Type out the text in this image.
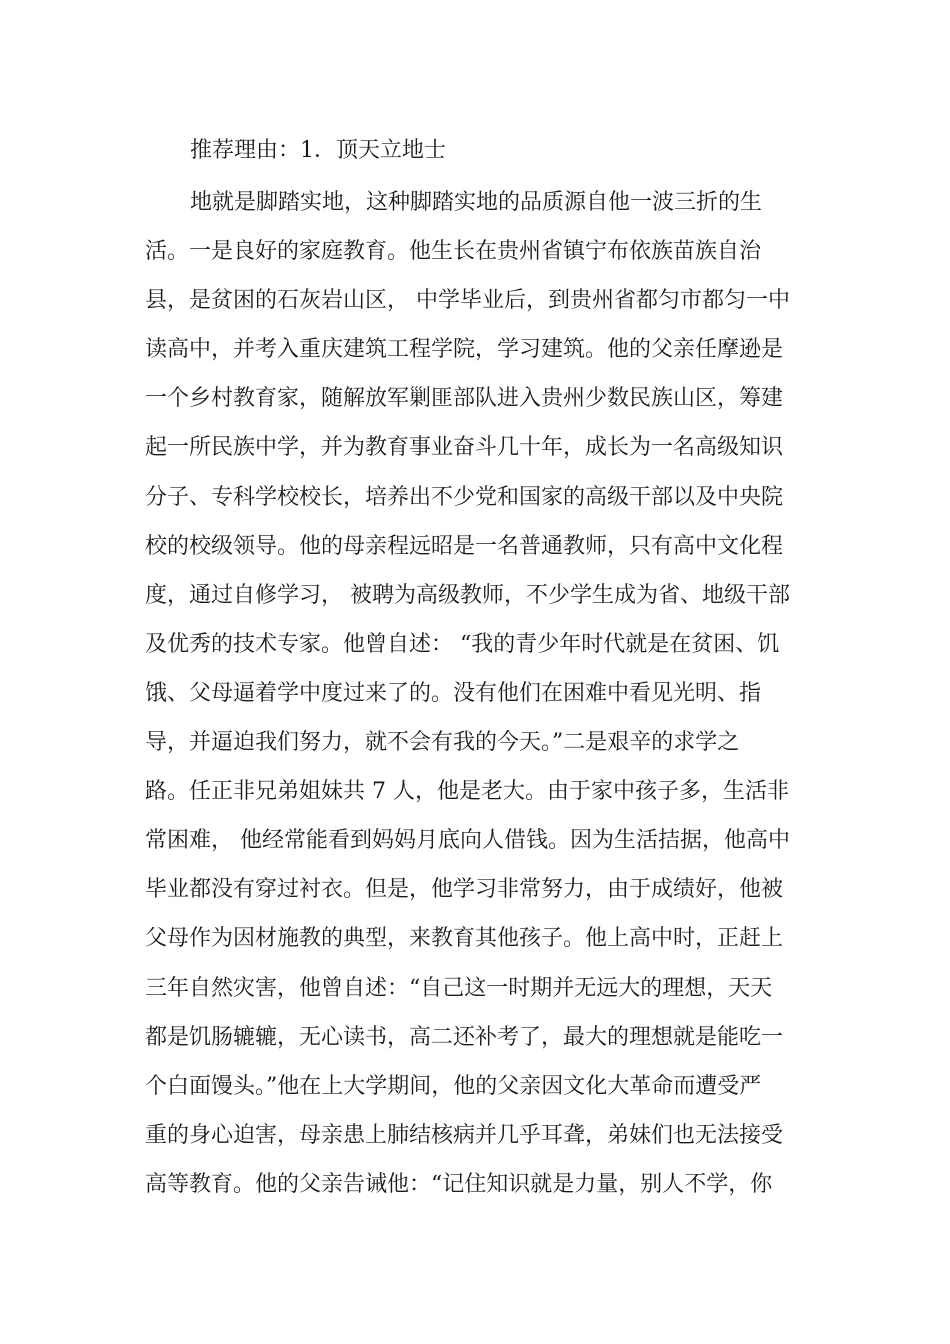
推荐理由：1．顶天立地士
地就是脚踏实地，这种脚踏实地的品质源自他一波三折的生
活。一是良好的家庭教育。他生长在贵州省镇宁布依族苗族自治
县，是贫困的石灰岩山区， 中学毕业后，到贵州省都匀市都匀一中
读高中，并考入重庆建筑工程学院，学习建筑。他的父亲任摩逊是
一个乡村教育家，随解放军剿匪部队进入贵州少数民族山区，筹建
起一所民族中学，并为教育事业奋斗几十年，成长为一名高级知识
分子、专科学校校长，培养出不少党和国家的高级干部以及中央院
校的校级领导。他的母亲程远昭是一名普通教师，只有高中文化程
度，通过自修学习， 被聘为高级教师，不少学生成为省、地级干部
及优秀的技术专家。他曾自述： “我的青少年时代就是在贫困、饥
饿、父母逼着学中度过来了的。没有他们在困难中看见光明、指
导，并逼迫我们努力，就不会有我的今天。”二是艰辛的求学之
路。任正非兄弟姐妹共 7 人，他是老大。由于家中孩子多，生活非
常困难， 他经常能看到妈妈月底向人借钱。因为生活拮据，他高中
毕业都没有穿过衬衣。但是，他学习非常努力，由于成绩好，他被
父母作为因材施教的典型，来教育其他孩子。他上高中时，正赶上
三年自然灾害，他曾自述：“自己这一时期并无远大的理想，天天
都是饥肠辘辘，无心读书，高二还补考了，最大的理想就是能吃一
个白面馒头。”他在上大学期间，他的父亲因文化大革命而遭受严
重的身心迫害，母亲患上肺结核病并几乎耳聋，弟妹们也无法接受
高等教育。他的父亲告诫他：“记住知识就是力量，别人不学，你
